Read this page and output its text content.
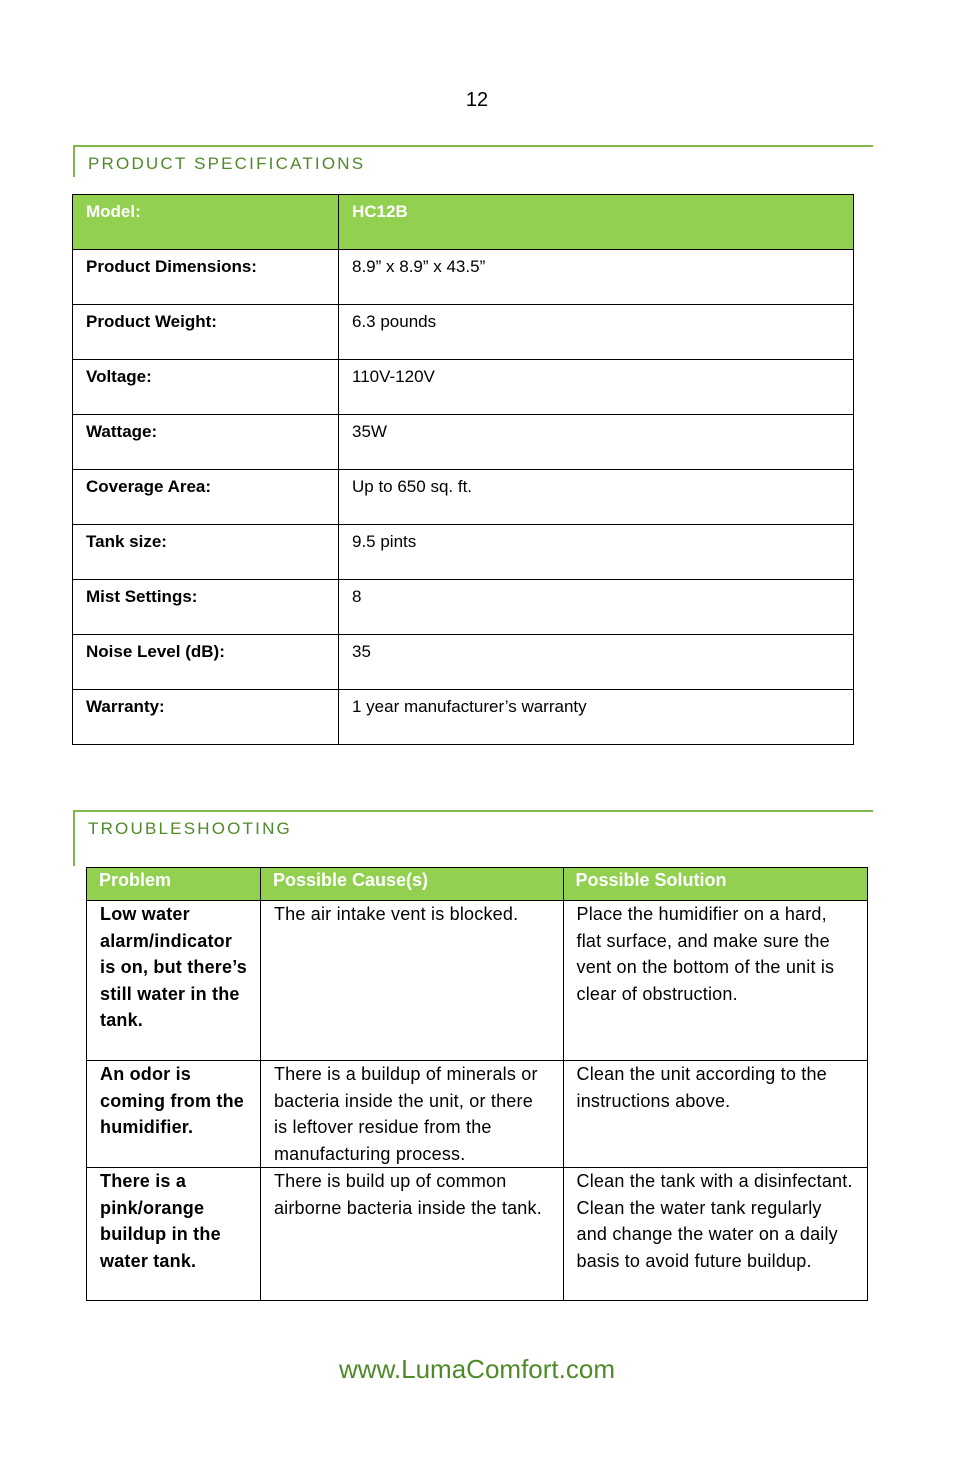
12
PRODUCT SPECIFICATIONS
Model:	HC12B
Product Dimensions:	8.9” x 8.9” x 43.5”
Product Weight:	6.3 pounds
Voltage:	110V-120V
Wattage:	35W
Coverage Area:	Up to 650 sq. ft.
Tank size:	9.5 pints
Mist Settings:	8
Noise Level (dB):	35
Warranty:	1 year manufacturer’s warranty
TROUBLESHOOTING
Problem	Possible Cause(s)	Possible Solution
Low water alarm/indicator is on, but there’s still water in the tank.	The air intake vent is blocked.	Place the humidifier on a hard, flat surface, and make sure the vent on the bottom of the unit is clear of obstruction.
An odor is coming from the humidifier.	There is a buildup of minerals or bacteria inside the unit, or there is leftover residue from the manufacturing process.	Clean the unit according to the instructions above.
There is a pink/orange buildup in the water tank.	There is build up of common airborne bacteria inside the tank.	Clean the tank with a disinfectant. Clean the water tank regularly and change the water on a daily basis to avoid future buildup.
www.LumaComfort.com
